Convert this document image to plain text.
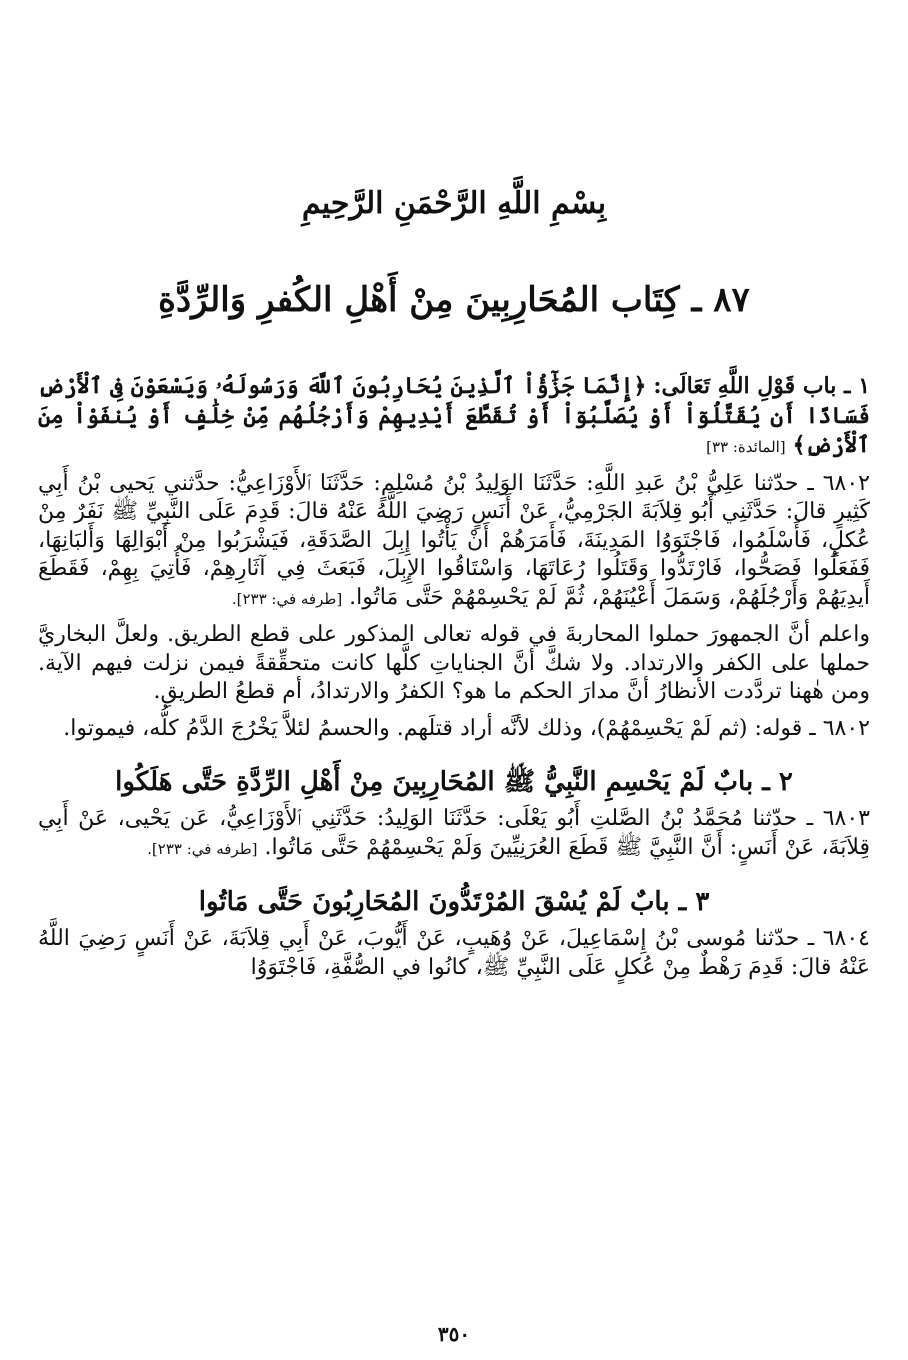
بِسْمِ اللَّهِ الرَّحْمَنِ الرَّحِيمِ
٨٧ ـ كِتَاب المُحَارِبِينَ مِنْ أَهْلِ الكُفرِ وَالرِّدَّةِ

١ ـ باب قَوْلِ اللَّهِ تَعَالَى: ﴿إِنَّمَا جَزَٰٓؤُاْ ٱلَّذِينَ يُحَارِبُونَ ٱللَّهَ وَرَسُولَهُۥ وَيَسْعَوْنَ فِى ٱلْأَرْضِ فَسَادًا أَن يُقَتَّلُوٓاْ أَوْ يُصَلَّبُوٓاْ أَوْ تُقَطَّعَ أَيْدِيهِمْ وَأَرْجُلُهُم مِّنْ خِلَٰفٍ أَوْ يُنفَوْاْ مِنَ ٱلْأَرْضِ﴾ [المائدة: ٣٣]

٦٨٠٢ ـ حدّثنا عَلِيُّ بْنُ عَبدِ اللَّهِ: حَدَّثَنَا الوَلِيدُ بْنُ مُسْلِمٍ: حَدَّثَنَا ٱلأَوْزَاعِيُّ: حدَّثني يَحيى بْنُ أَبِي كَثِيرٍ قالَ: حَدَّثَنِي أَبُو قِلاَبَةَ الجَرْمِيُّ، عَنْ أَنَسٍ رَضِيَ اللَّهُ عَنْهُ قالَ: قَدِمَ عَلَى النَّبِيِّ ﷺ نَفَرٌ مِنْ عُكلٍ، فَأَسْلَمُوا، فَاجْتَوَوُا المَدِينَةَ، فَأَمَرَهُمْ أَنْ يَأْتُوا إِبِلَ الصَّدَقَةِ، فَيَشْرَبُوا مِنْ أَبْوَالِهَا وَأَلبَانِهَا، فَفَعَلُوا فَصَحُّوا، فَارْتَدُّوا وَقَتَلُوا رُعَاتَهَا، وَاسْتَاقُوا الإِبِلَ، فَبَعَثَ فِي آثَارِهِمْ، فَأُتِيَ بِهِمْ، فَقَطَعَ أَيدِيَهُمْ وَأَرْجُلَهُمْ، وَسَمَلَ أَعْيُنَهُمْ، ثُمَّ لَمْ يَحْسِمْهُمْ حَتَّى مَاتُوا. [طرفه في: ٢٣٣].

واعلم أنَّ الجمهورَ حملوا المحاربةَ في قوله تعالى المذكور على قطع الطريق. ولعلَّ البخاريَّ حملها على الكفر والارتداد. ولا شكَّ أنَّ الجناياتِ كلَّها كانت متحقِّقةً فيمن نزلت فيهم الآية. ومن هٰهنا تردَّدت الأنظارُ أنَّ مدارَ الحكم ما هو؟ الكفرُ والارتدادُ، أم قطعُ الطريقِ.

٦٨٠٢ ـ قوله: (ثم لَمْ يَحْسِمْهُمْ)، وذلك لأنَّه أراد قتلَهم. والحسمُ لئلاَّ يَخْرُجَ الدَّمُ كلُّه، فيموتوا.

٢ ـ بابٌ لَمْ يَحْسِمِ النَّبِيُّ ﷺ المُحَارِبِينَ مِنْ أَهْلِ الرِّدَّةِ حَتَّى هَلَكُوا

٦٨٠٣ ـ حدّثنا مُحَمَّدُ بْنُ الصَّلتِ أَبُو يَعْلَى: حَدَّثَنَا الوَلِيدُ: حَدَّثَنِي ٱلأَوْزَاعِيُّ، عَن يَحْيى، عَنْ أَبِي قِلاَبَةَ، عَنْ أَنَسٍ: أَنَّ النَّبِيَّ ﷺ قَطَعَ العُرَنِيِّينَ وَلَمْ يَحْسِمْهُمْ حَتَّى مَاتُوا. [طرفه في: ٢٣٣].

٣ ـ بابٌ لَمْ يُسْقَ المُرْتَدُّونَ المُحَارِبُونَ حَتَّى مَاتُوا

٦٨٠٤ ـ حدّثنا مُوسى بْنُ إِسْمَاعِيلَ، عَنْ وُهَيبٍ، عَنْ أَيُّوبَ، عَنْ أَبِي قِلاَبَةَ، عَنْ أَنَسٍ رَضِيَ اللَّهُ عَنْهُ قالَ: قَدِمَ رَهْطٌ مِنْ عُكلٍ عَلَى النَّبِيِّ ﷺ، كانُوا في الصُّفَّةِ، فَاجْتَوَوُا

٣٥٠
